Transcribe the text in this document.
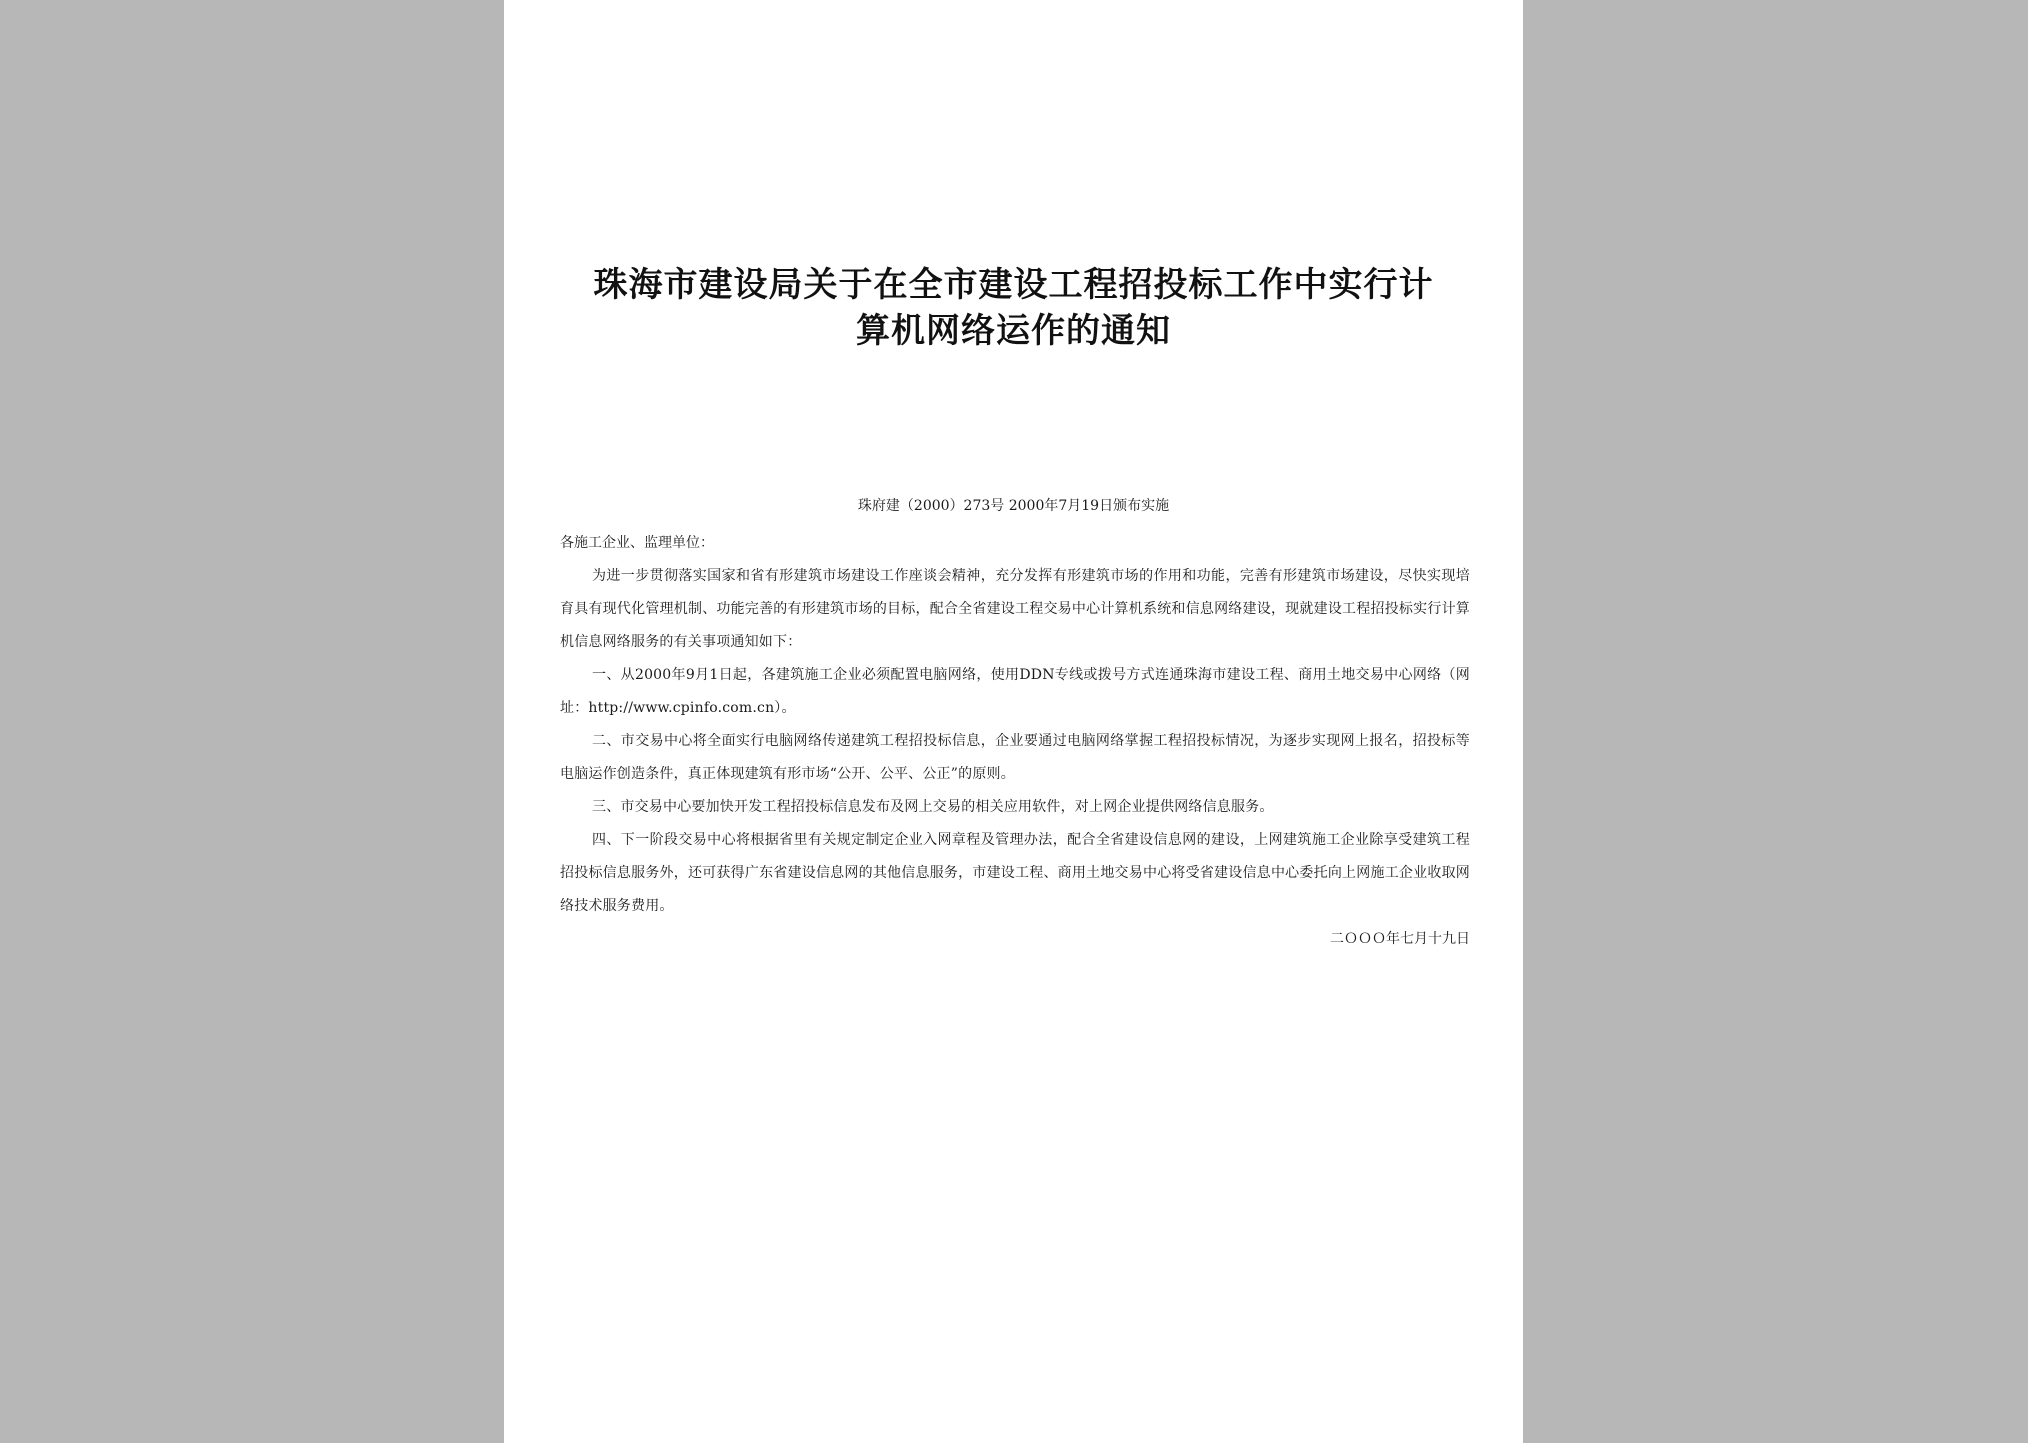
珠海市建设局关于在全市建设工程招投标工作中实行计
算机网络运作的通知
珠府建（2000）273号 2000年7月19日颁布实施

各施工企业、监理单位：

为进一步贯彻落实国家和省有形建筑市场建设工作座谈会精神，充分发挥有形建筑市场的作用和功能，完善有形建筑市场建设，尽快实现培育具有现代化管理机制、功能完善的有形建筑市场的目标，配合全省建设工程交易中心计算机系统和信息网络建设，现就建设工程招投标实行计算机信息网络服务的有关事项通知如下：

一、从2000年9月1日起，各建筑施工企业必须配置电脑网络，使用DDN专线或拨号方式连通珠海市建设工程、商用土地交易中心网络（网址：http://www.cpinfo.com.cn）。

二、市交易中心将全面实行电脑网络传递建筑工程招投标信息，企业要通过电脑网络掌握工程招投标情况，为逐步实现网上报名，招投标等电脑运作创造条件，真正体现建筑有形市场“公开、公平、公正”的原则。

三、市交易中心要加快开发工程招投标信息发布及网上交易的相关应用软件，对上网企业提供网络信息服务。

四、下一阶段交易中心将根据省里有关规定制定企业入网章程及管理办法，配合全省建设信息网的建设，上网建筑施工企业除享受建筑工程招投标信息服务外，还可获得广东省建设信息网的其他信息服务，市建设工程、商用土地交易中心将受省建设信息中心委托向上网施工企业收取网络技术服务费用。

二ＯＯＯ年七月十九日
